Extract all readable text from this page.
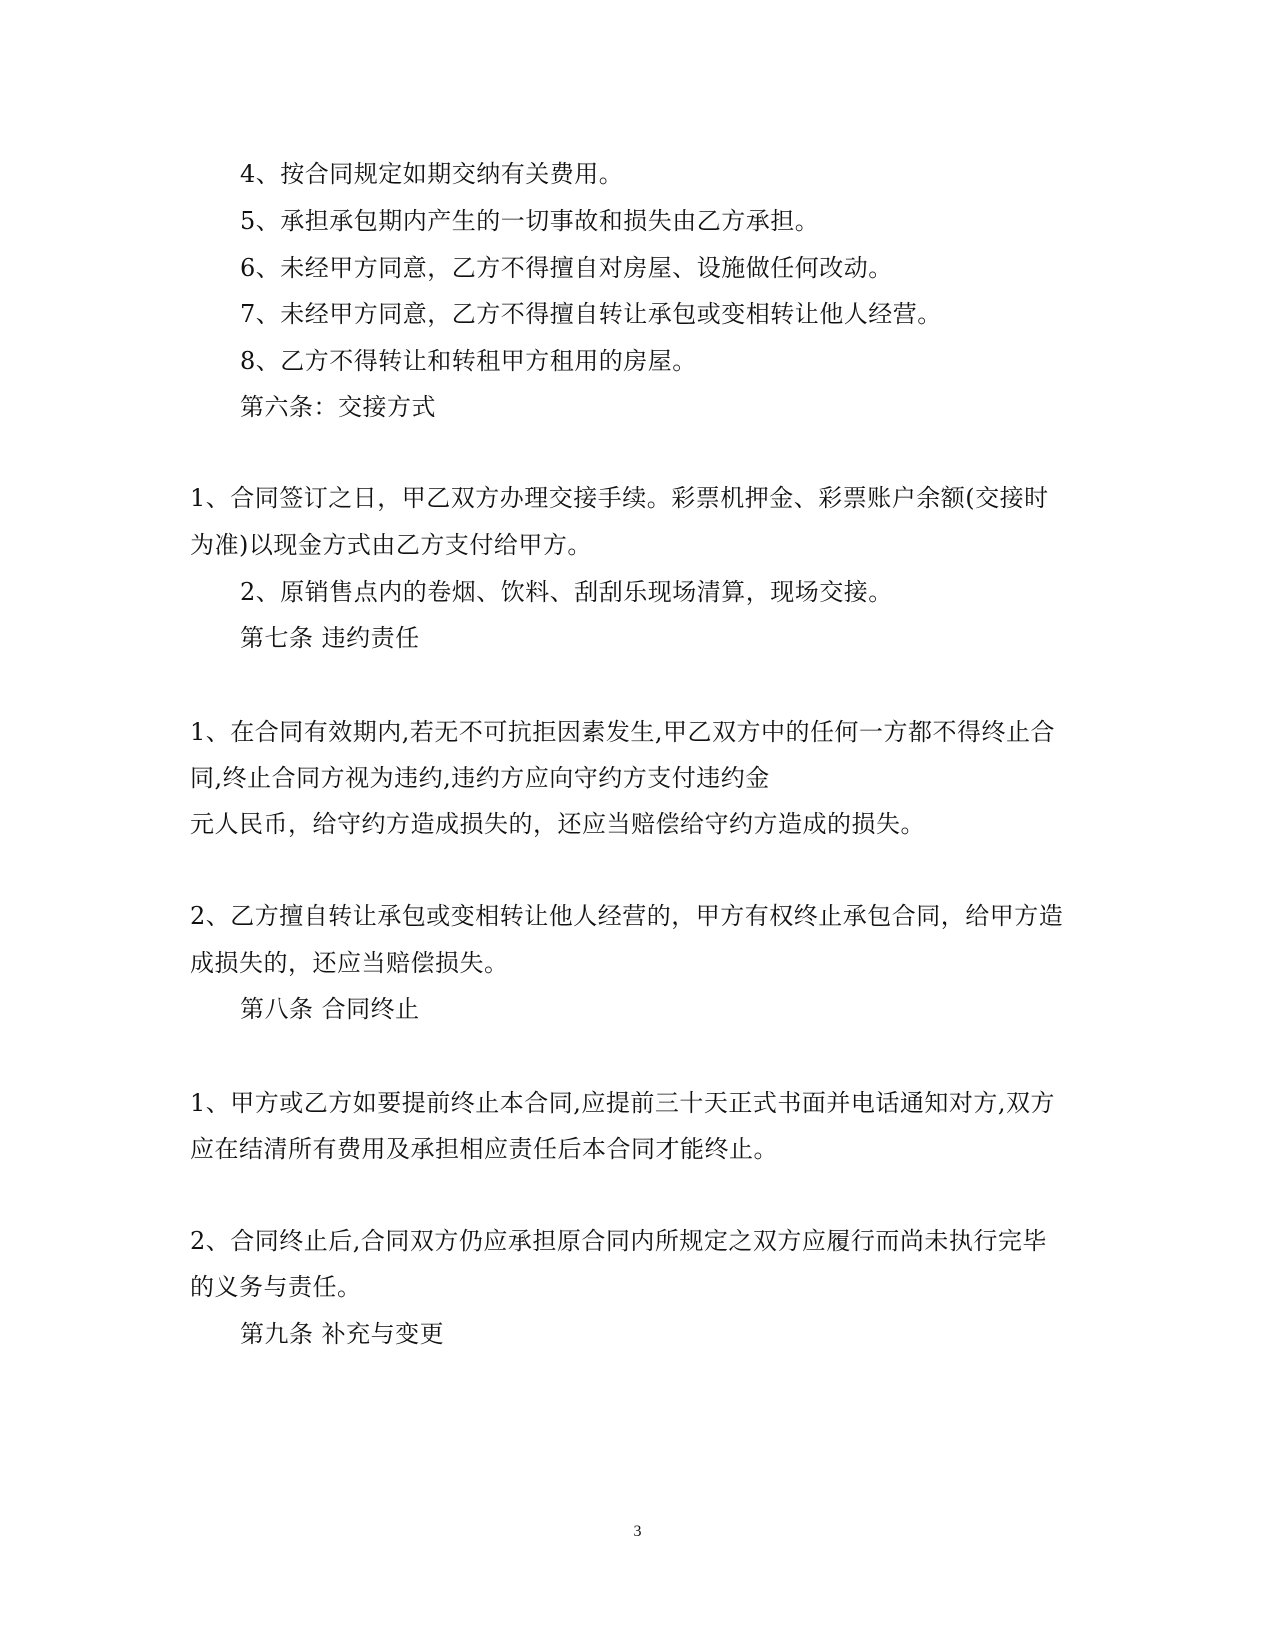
4、按合同规定如期交纳有关费用。
5、承担承包期内产生的一切事故和损失由乙方承担。
6、未经甲方同意，乙方不得擅自对房屋、设施做任何改动。
7、未经甲方同意，乙方不得擅自转让承包或变相转让他人经营。
8、乙方不得转让和转租甲方租用的房屋。
第六条：交接方式
1、合同签订之日，甲乙双方办理交接手续。彩票机押金、彩票账户余额(交接时
为准)以现金方式由乙方支付给甲方。
2、原销售点内的卷烟、饮料、刮刮乐现场清算，现场交接。
第七条 违约责任
1、在合同有效期内,若无不可抗拒因素发生,甲乙双方中的任何一方都不得终止合
同,终止合同方视为违约,违约方应向守约方支付违约金
元人民币，给守约方造成损失的，还应当赔偿给守约方造成的损失。
2、乙方擅自转让承包或变相转让他人经营的，甲方有权终止承包合同，给甲方造
成损失的，还应当赔偿损失。
第八条 合同终止
1、甲方或乙方如要提前终止本合同,应提前三十天正式书面并电话通知对方,双方
应在结清所有费用及承担相应责任后本合同才能终止。
2、合同终止后,合同双方仍应承担原合同内所规定之双方应履行而尚未执行完毕
的义务与责任。
第九条 补充与变更
3
